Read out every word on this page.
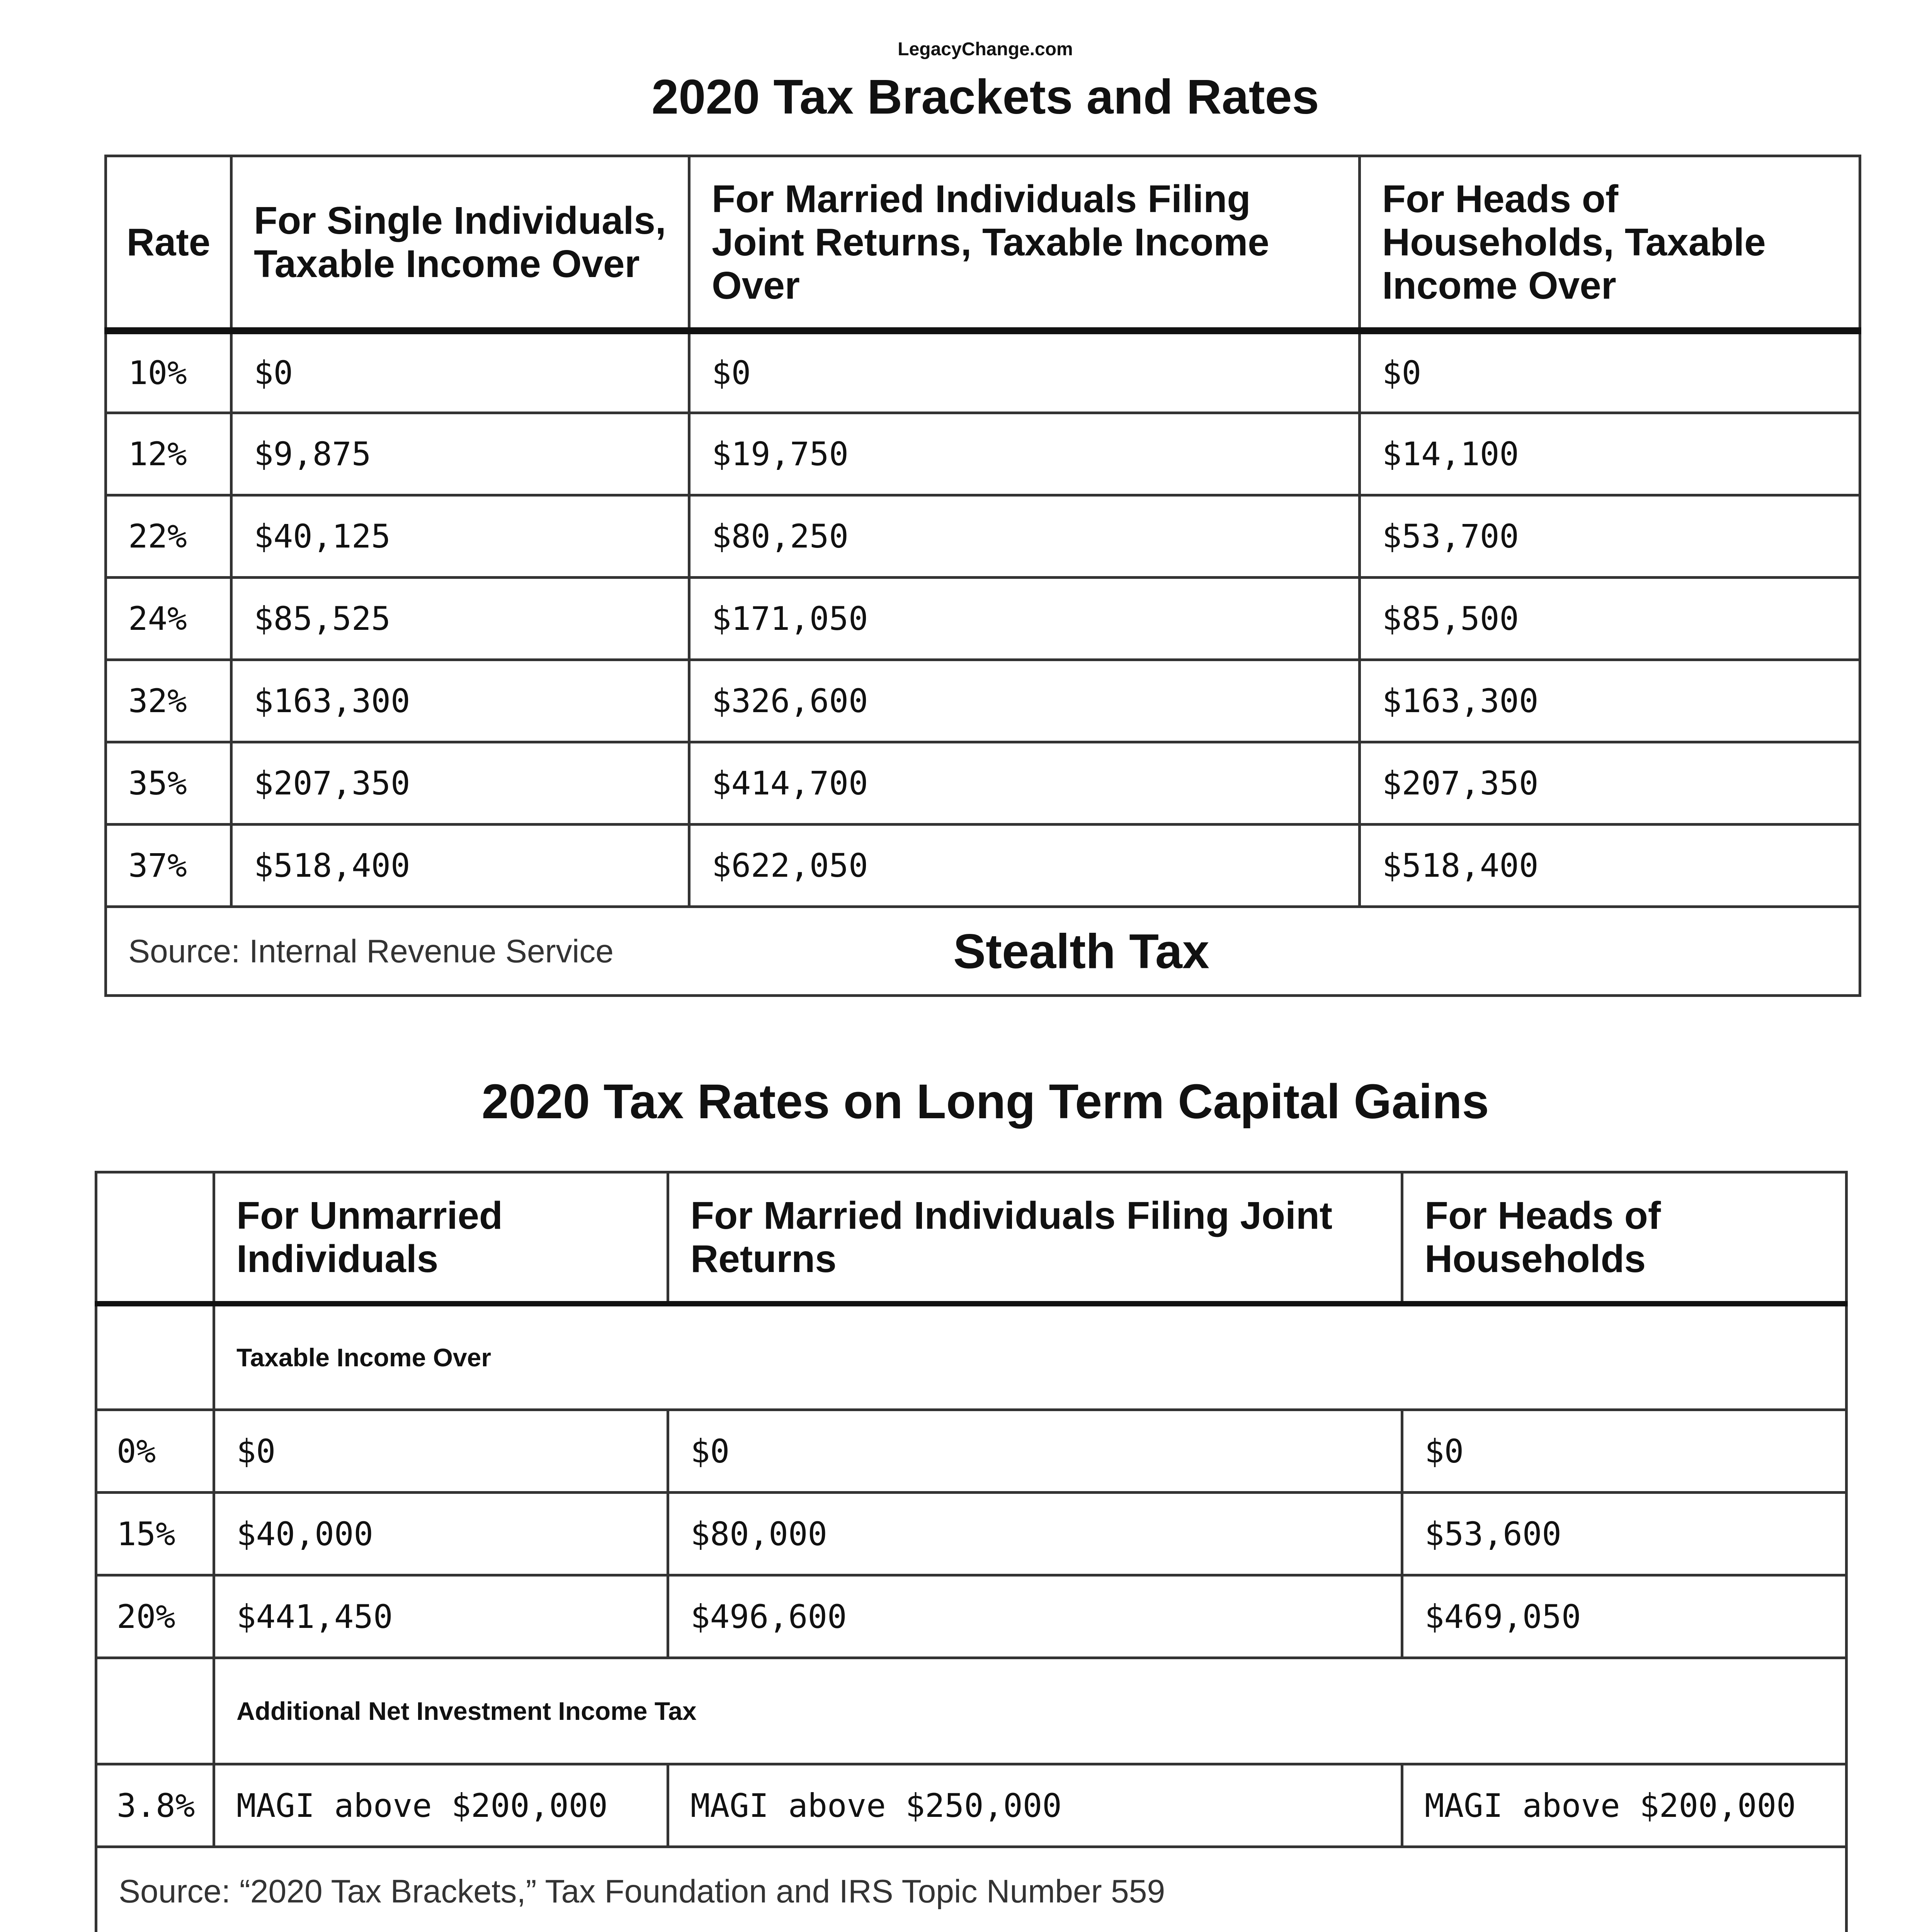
LegacyChange.com
2020 Tax Brackets and Rates
Rate	For Single Individuals, Taxable Income Over	For Married Individuals Filing Joint Returns, Taxable Income Over	For Heads of Households, Taxable Income Over
10%	$0	$0	$0
12%	$9,875	$19,750	$14,100
22%	$40,125	$80,250	$53,700
24%	$85,525	$171,050	$85,500
32%	$163,300	$326,600	$163,300
35%	$207,350	$414,700	$207,350
37%	$518,400	$622,050	$518,400

Source: Internal Revenue Service Stealth Tax			
2020 Tax Rates on Long Term Capital Gains
	For Unmarried Individuals	For Married Individuals Filing Joint Returns	For Heads of Households
	Taxable Income Over		
0%	$0	$0	$0
15%	$40,000	$80,000	$53,600
20%	$441,450	$496,600	$469,050
	Additional Net Investment Income Tax		
3.8%	MAGI above $200,000	MAGI above $250,000	MAGI above $200,000

Source: “2020 Tax Brackets,” Tax Foundation and IRS Topic Number 559			
